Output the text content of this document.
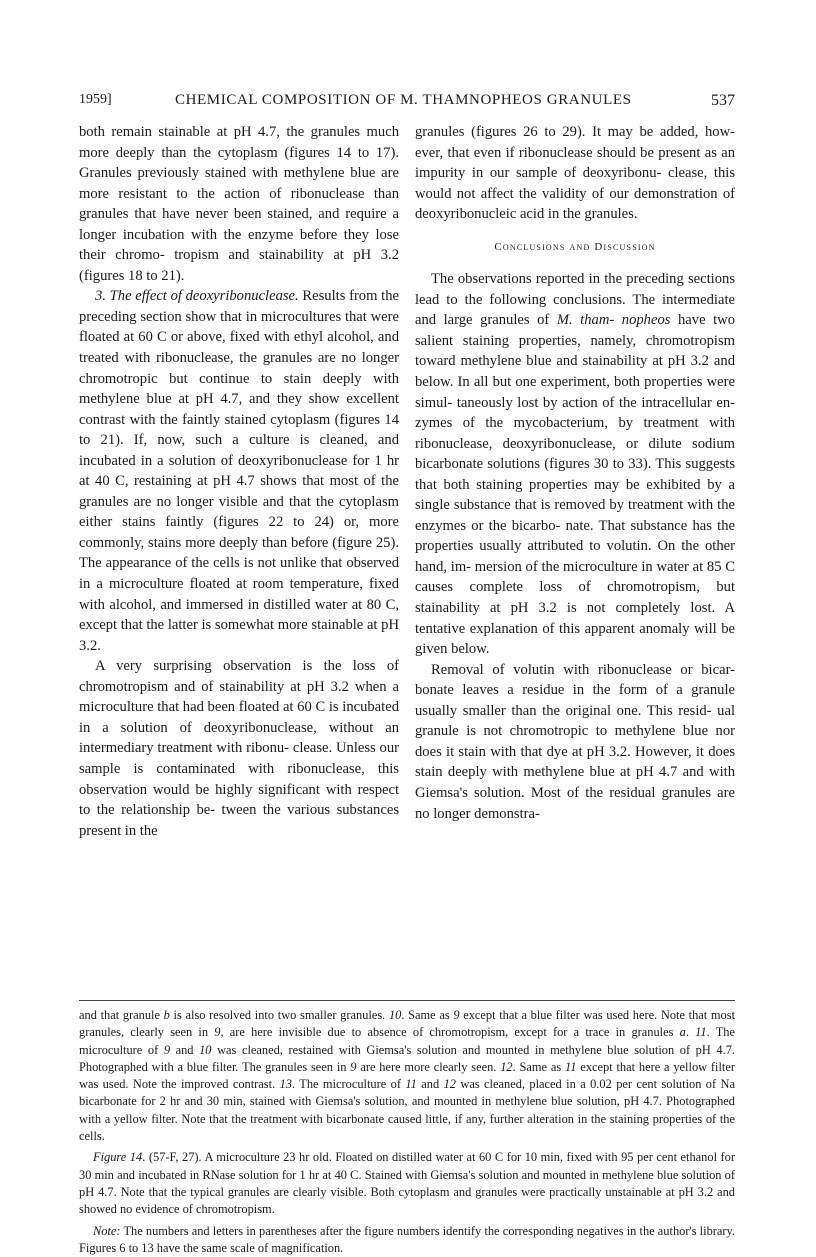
1959]	CHEMICAL COMPOSITION OF M. THAMNOPHEOS GRANULES	537

both remain stainable at pH 4.7, the granules much more deeply than the cytoplasm (figures 14 to 17). Granules previously stained with methylene blue are more resistant to the action of ribonuclease than granules that have never been stained, and require a longer incubation with the enzyme before they lose their chromo- tropism and stainability at pH 3.2 (figures 18 to 21).

3. The effect of deoxyribonuclease. Results from the preceding section show that in microcultures that were floated at 60 C or above, fixed with ethyl alcohol, and treated with ribonuclease, the granules are no longer chromotropic but continue to stain deeply with methylene blue at pH 4.7, and they show excellent contrast with the faintly stained cytoplasm (figures 14 to 21). If, now, such a culture is cleaned, and incubated in a solution of deoxyribonuclease for 1 hr at 40 C, restaining at pH 4.7 shows that most of the granules are no longer visible and that the cytoplasm either stains faintly (figures 22 to 24) or, more commonly, stains more deeply than before (figure 25). The appearance of the cells is not unlike that observed in a microculture floated at room temperature, fixed with alcohol, and immersed in distilled water at 80 C, except that the latter is somewhat more stainable at pH 3.2.

A very surprising observation is the loss of chromotropism and of stainability at pH 3.2 when a microculture that had been floated at 60 C is incubated in a solution of deoxyribonuclease, without an intermediary treatment with ribonu- clease. Unless our sample is contaminated with ribonuclease, this observation would be highly significant with respect to the relationship be- tween the various substances present in the

granules (figures 26 to 29). It may be added, how- ever, that even if ribonuclease should be present as an impurity in our sample of deoxyribonu- clease, this would not affect the validity of our demonstration of deoxyribonucleic acid in the granules.

Conclusions and Discussion

The observations reported in the preceding sections lead to the following conclusions. The intermediate and large granules of M. tham- nopheos have two salient staining properties, namely, chromotropism toward methylene blue and stainability at pH 3.2 and below. In all but one experiment, both properties were simul- taneously lost by action of the intracellular en- zymes of the mycobacterium, by treatment with ribonuclease, deoxyribonuclease, or dilute sodium bicarbonate solutions (figures 30 to 33). This suggests that both staining properties may be exhibited by a single substance that is removed by treatment with the enzymes or the bicarbo- nate. That substance has the properties usually attributed to volutin. On the other hand, im- mersion of the microculture in water at 85 C causes complete loss of chromotropism, but stainability at pH 3.2 is not completely lost. A tentative explanation of this apparent anomaly will be given below.

Removal of volutin with ribonuclease or bicar- bonate leaves a residue in the form of a granule usually smaller than the original one. This resid- ual granule is not chromotropic to methylene blue nor does it stain with that dye at pH 3.2. However, it does stain deeply with methylene blue at pH 4.7 and with Giemsa's solution. Most of the residual granules are no longer demonstra-

and that granule b is also resolved into two smaller granules. 10. Same as 9 except that a blue filter was used here. Note that most granules, clearly seen in 9, are here invisible due to absence of chromotropism, except for a trace in granules a. 11. The microculture of 9 and 10 was cleaned, restained with Giemsa's solution and mounted in methylene blue solution of pH 4.7. Photographed with a blue filter. The granules seen in 9 are here more clearly seen. 12. Same as 11 except that here a yellow filter was used. Note the improved contrast. 13. The microculture of 11 and 12 was cleaned, placed in a 0.02 per cent solution of Na bicarbonate for 2 hr and 30 min, stained with Giemsa's solution, and mounted in methylene blue solution, pH 4.7. Photographed with a yellow filter. Note that the treatment with bicarbonate caused little, if any, further alteration in the staining properties of the cells.

Figure 14. (57-F, 27). A microculture 23 hr old. Floated on distilled water at 60 C for 10 min, fixed with 95 per cent ethanol for 30 min and incubated in RNase solution for 1 hr at 40 C. Stained with Giemsa's solution and mounted in methylene blue solution of pH 4.7. Note that the typical granules are clearly visible. Both cytoplasm and granules were practically unstainable at pH 3.2 and showed no evidence of chromotropism.

Note: The numbers and letters in parentheses after the figure numbers identify the corresponding negatives in the author's library. Figures 6 to 13 have the same scale of magnification.
